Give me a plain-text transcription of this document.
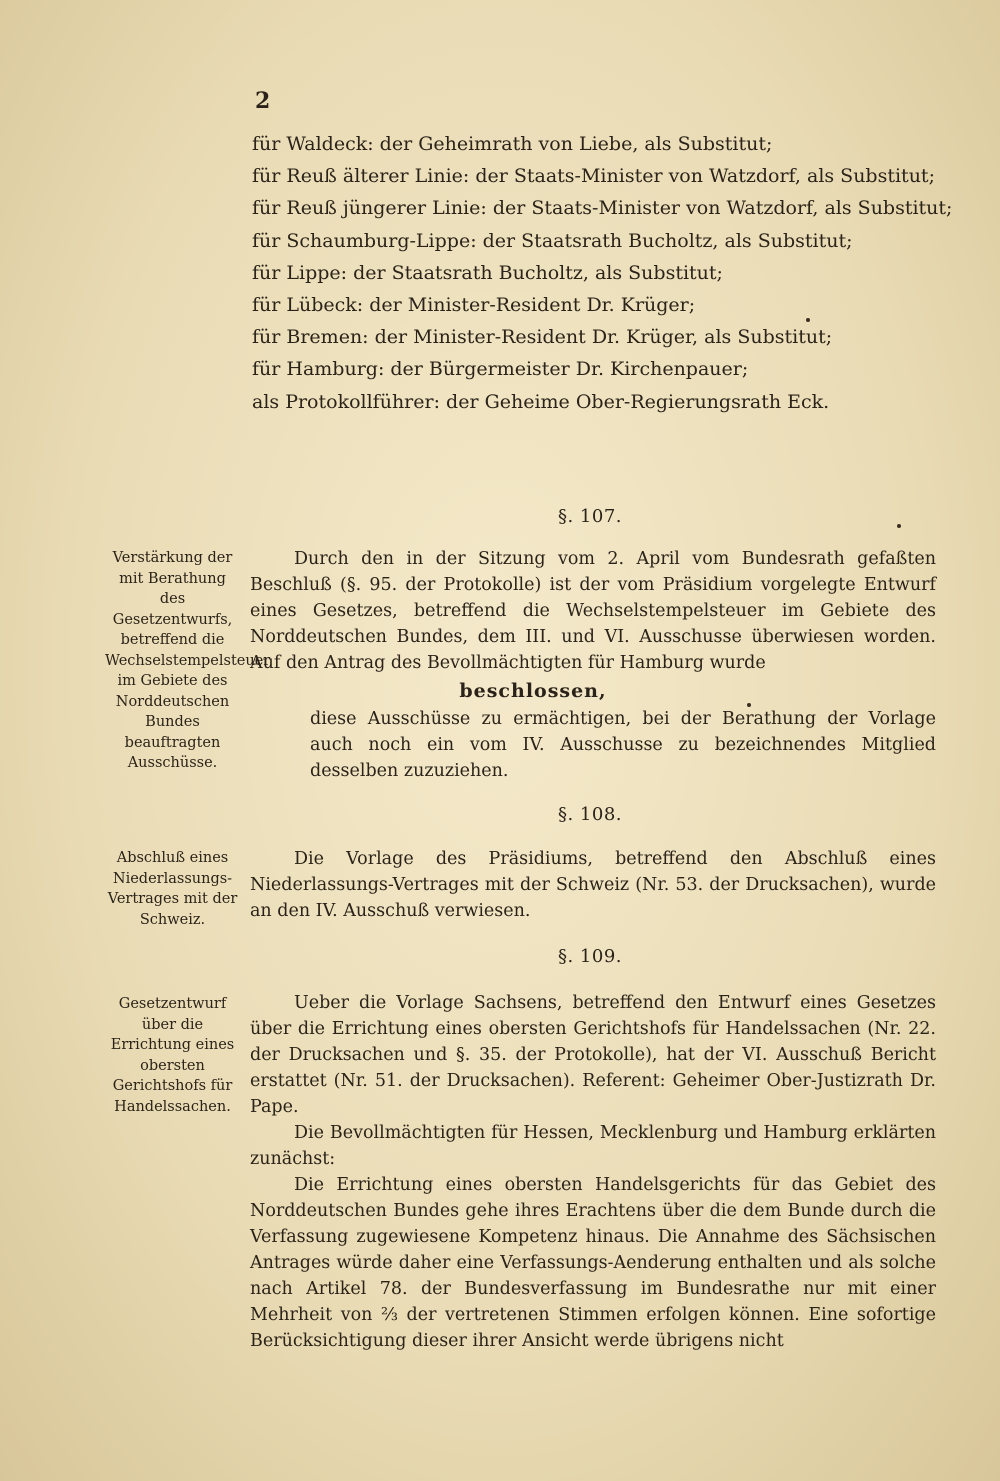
2
für Waldeck: der Geheimrath von Liebe, als Substitut;
für Reuß älterer Linie: der Staats-Minister von Watzdorf, als Substitut;
für Reuß jüngerer Linie: der Staats-Minister von Watzdorf, als Substitut;
für Schaumburg-Lippe: der Staatsrath Bucholtz, als Substitut;
für Lippe: der Staatsrath Bucholtz, als Substitut;
für Lübeck: der Minister-Resident Dr. Krüger;
für Bremen: der Minister-Resident Dr. Krüger, als Substitut;
für Hamburg: der Bürgermeister Dr. Kirchenpauer;
als Protokollführer: der Geheime Ober-Regierungsrath Eck.
§. 107.
Verstärkung der mit Berathung des Gesetzentwurfs, betreffend die Wechselstempelsteuer im Gebiete des Norddeutschen Bundes beauftragten Ausschüsse.

Durch den in der Sitzung vom 2. April vom Bundesrath gefaßten Beschluß (§. 95. der Protokolle) ist der vom Präsidium vorgelegte Entwurf eines Gesetzes, betreffend die Wechselstempelsteuer im Gebiete des Norddeutschen Bundes, dem III. und VI. Ausschusse überwiesen worden. Auf den Antrag des Bevollmächtigten für Hamburg wurde

beschlossen,

diese Ausschüsse zu ermächtigen, bei der Berathung der Vorlage auch noch ein vom IV. Ausschusse zu bezeichnendes Mitglied desselben zuzuziehen.

§. 108.
Abschluß eines Niederlassungs-Vertrages mit der Schweiz.

Die Vorlage des Präsidiums, betreffend den Abschluß eines Niederlassungs-Vertrages mit der Schweiz (Nr. 53. der Drucksachen), wurde an den IV. Ausschuß verwiesen.

§. 109.
Gesetzentwurf über die Errichtung eines obersten Gerichtshofs für Handelssachen.

Ueber die Vorlage Sachsens, betreffend den Entwurf eines Gesetzes über die Errichtung eines obersten Gerichtshofs für Handelssachen (Nr. 22. der Drucksachen und §. 35. der Protokolle), hat der VI. Ausschuß Bericht erstattet (Nr. 51. der Drucksachen). Referent: Geheimer Ober-Justizrath Dr. Pape.

Die Bevollmächtigten für Hessen, Mecklenburg und Hamburg erklärten zunächst:

Die Errichtung eines obersten Handelsgerichts für das Gebiet des Norddeutschen Bundes gehe ihres Erachtens über die dem Bunde durch die Verfassung zugewiesene Kompetenz hinaus. Die Annahme des Sächsischen Antrages würde daher eine Verfassungs-Aenderung enthalten und als solche nach Artikel 78. der Bundesverfassung im Bundesrathe nur mit einer Mehrheit von ⅔ der vertretenen Stimmen erfolgen können. Eine sofortige Berücksichtigung dieser ihrer Ansicht werde übrigens nicht
